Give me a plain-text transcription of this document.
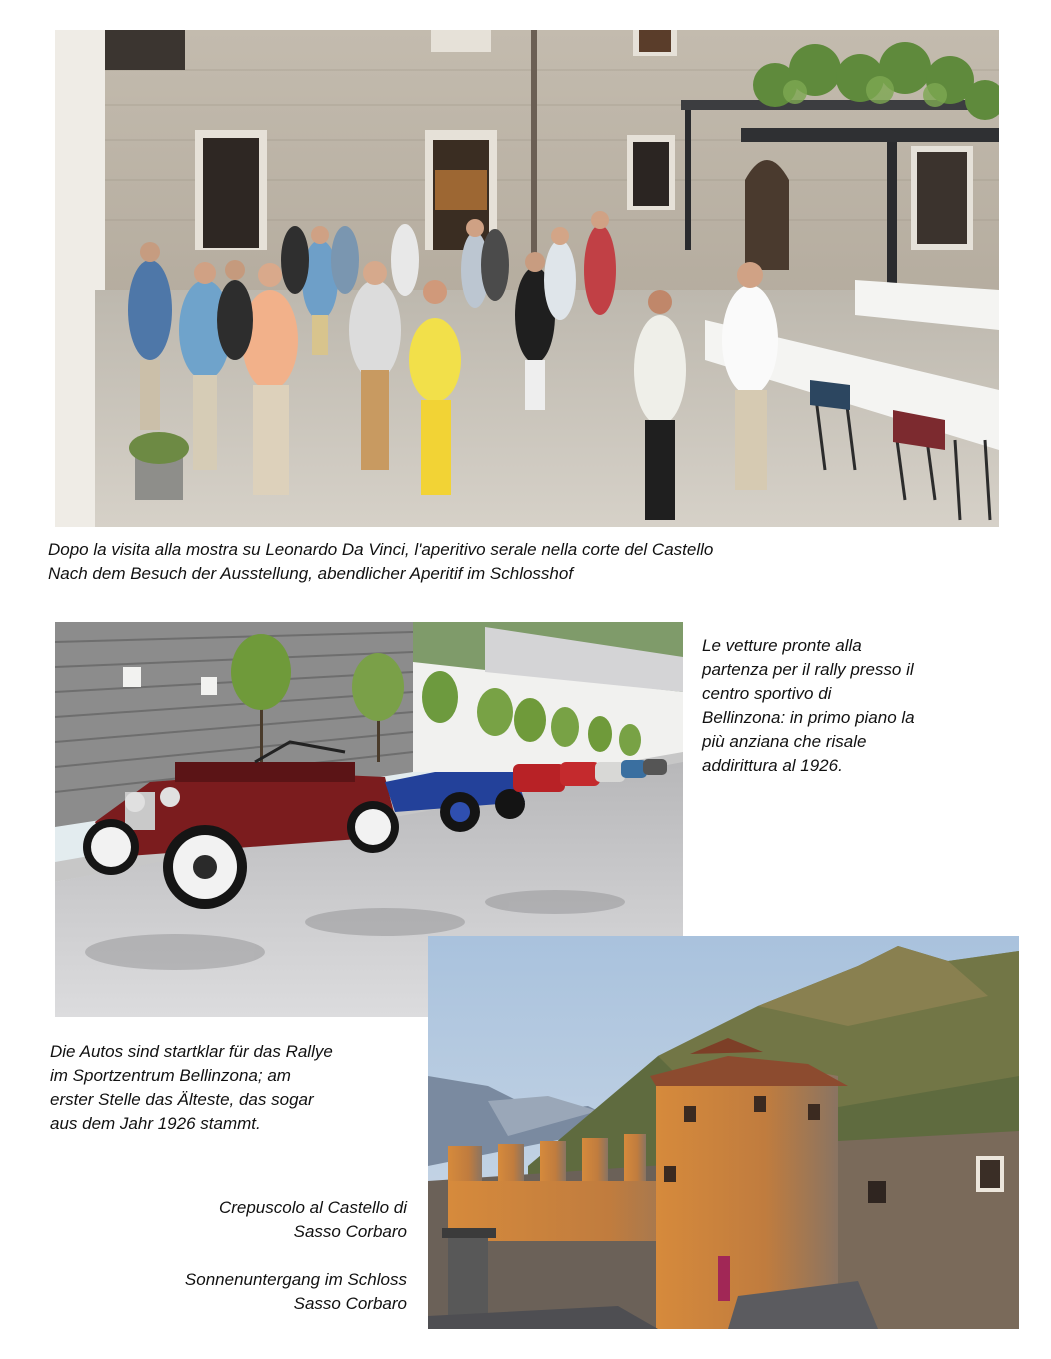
Dopo la visita alla mostra su Leonardo Da Vinci, l'aperitivo serale nella corte del Castello
Nach dem Besuch der Ausstellung, abendlicher Aperitif im Schlosshof

Le vetture pronte alla
partenza per il rally presso il
centro sportivo di
Bellinzona: in primo piano la
più anziana che risale
addirittura al 1926.

Die Autos sind startklar für das Rallye
im Sportzentrum Bellinzona; am
erster Stelle das Älteste, das sogar
aus dem Jahr 1926 stammt.

Crepuscolo al Castello di
Sasso Corbaro
Sonnenuntergang im Schloss
Sasso Corbaro
